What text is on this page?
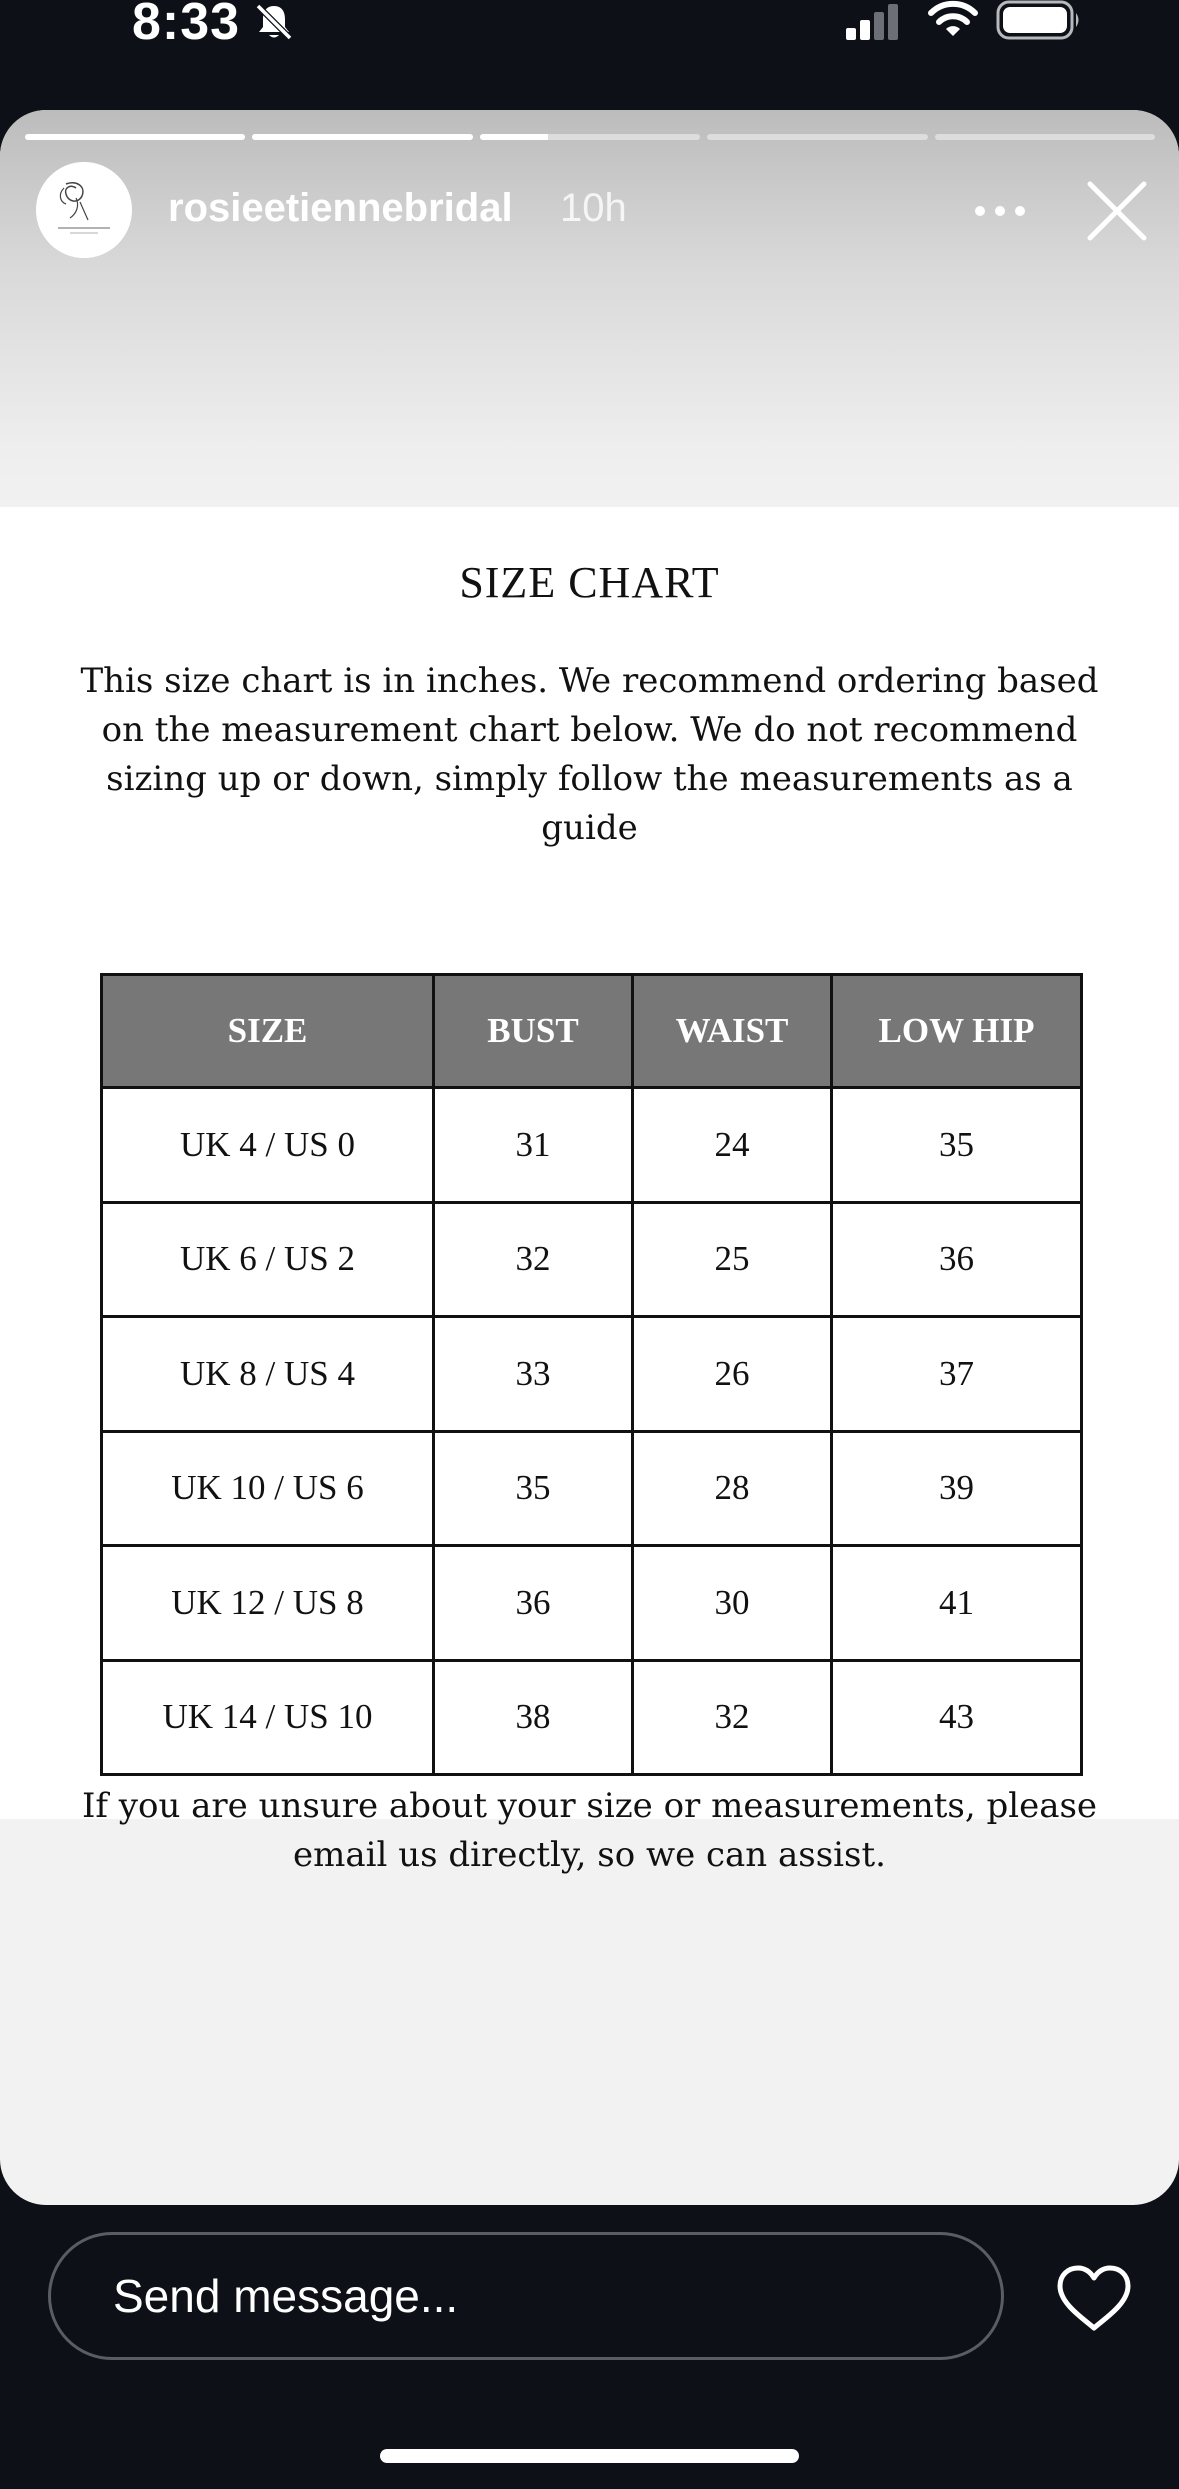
8:33
rosieetiennebridal 10h
SIZE CHART
This size chart is in inches. We recommend ordering based on the measurement chart below. We do not recommend sizing up or down, simply follow the measurements as a guide
SIZE	BUST	WAIST	LOW HIP
UK 4 / US 0	31	24	35
UK 6 / US 2	32	25	36
UK 8 / US 4	33	26	37
UK 10 / US 6	35	28	39
UK 12 / US 8	36	30	41
UK 14 / US 10	38	32	43
If you are unsure about your size or measurements, please email us directly, so we can assist.
Send message...
